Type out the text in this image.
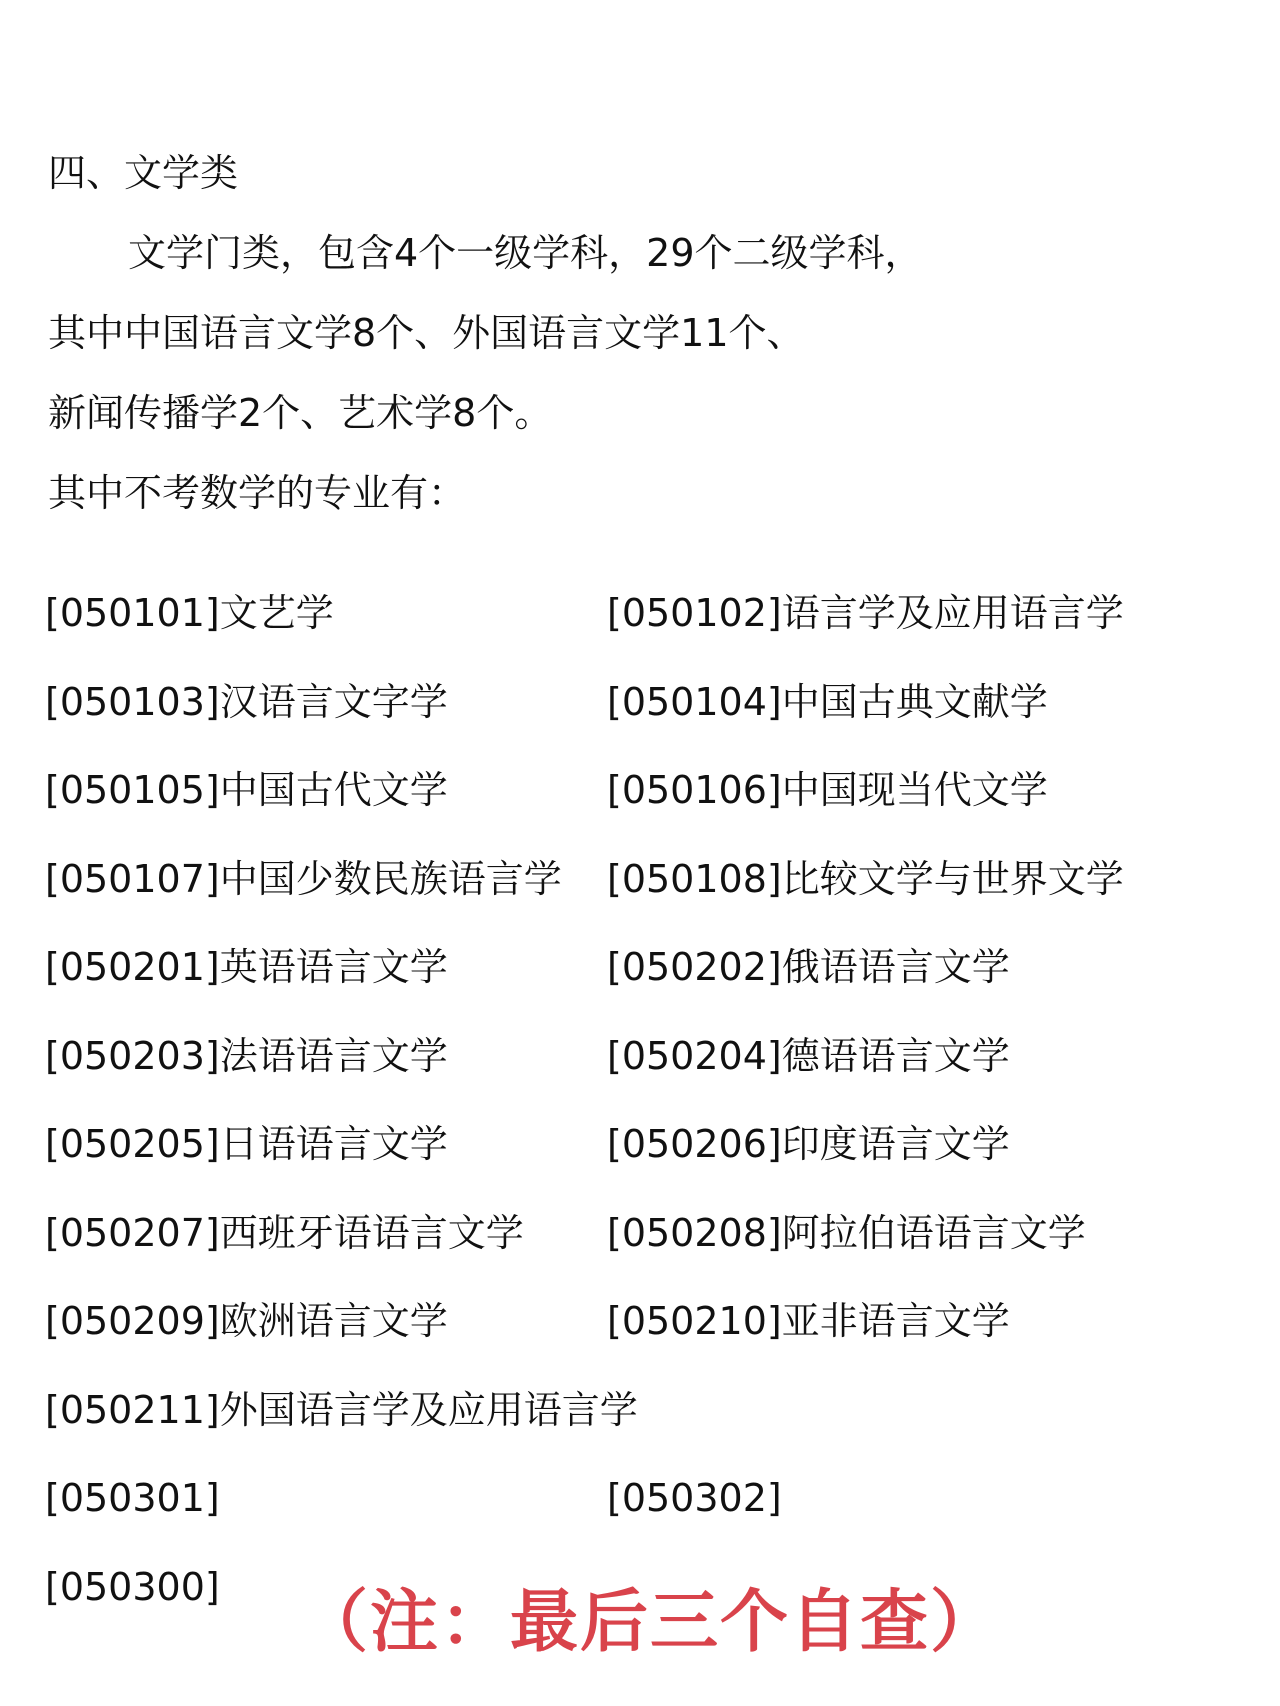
四、文学类
文学门类，包含4个一级学科，29个二级学科，
其中中国语言文学8个、外国语言文学11个、
新闻传播学2个、艺术学8个。
其中不考数学的专业有：
[050101]文艺学	[050102]语言学及应用语言学
[050103]汉语言文字学	[050104]中国古典文献学
[050105]中国古代文学	[050106]中国现当代文学
[050107]中国少数民族语言学 [050108]比较文学与世界文学
[050201]英语语言文学	[050202]俄语语言文学
[050203]法语语言文学	[050204]德语语言文学
[050205]日语语言文学	[050206]印度语言文学
[050207]西班牙语语言文学 [050208]阿拉伯语语言文学
[050209]欧洲语言文学	[050210]亚非语言文学
[050211]外国语言学及应用语言学
[050301]	[050302]
[050300] （注：最后三个自查）
